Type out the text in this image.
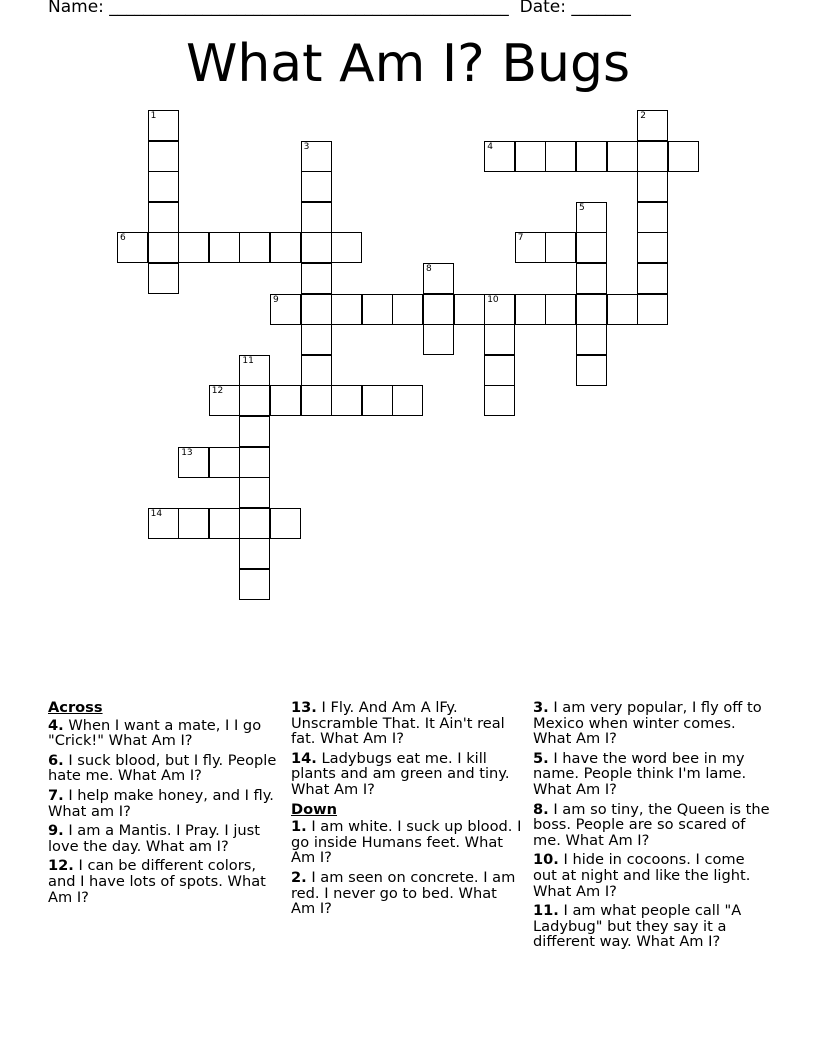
Name: _______________________________________________ Date: _______
What Am I? Bugs
1	2
3	4
5
6	7
8
9	10
11
12
13
14
Across
4. When I want a mate, I I go "Crick!" What Am I?
6. I suck blood, but I fly. People hate me. What Am I?
7. I help make honey, and I fly. What am I?
9. I am a Mantis. I Pray. I just love the day. What am I?
12. I can be different colors, and I have lots of spots. What Am I?
13. I Fly. And Am A lFy. Unscramble That. It Ain't real fat. What Am I?
14. Ladybugs eat me. I kill plants and am green and tiny. What Am I?
Down
1. I am white. I suck up blood. I go inside Humans feet. What Am I?
2. I am seen on concrete. I am red. I never go to bed. What Am I?
3. I am very popular, I fly off to Mexico when winter comes. What Am I?
5. I have the word bee in my name. People think I'm lame. What Am I?
8. I am so tiny, the Queen is the boss. People are so scared of me. What Am I?
10. I hide in cocoons. I come out at night and like the light. What Am I?
11. I am what people call "A Ladybug" but they say it a different way. What Am I?
